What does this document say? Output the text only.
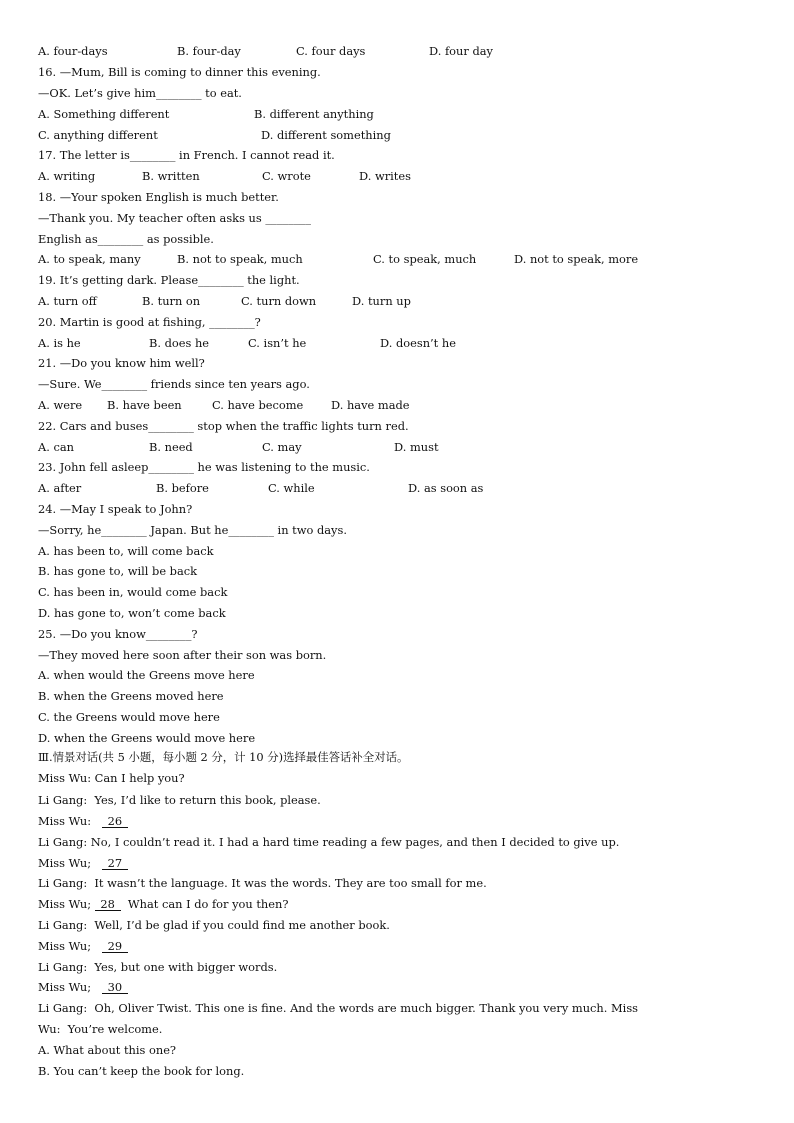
A. four-days	B. four-day	C. four days	D. four day
16. —Mum, Bill is coming to dinner this evening.
—OK. Let’s give him________ to eat.
A. Something different	B. different anything
C. anything different	D. different something
17. The letter is________ in French. I cannot read it.
A. writing	B. written	C. wrote	D. writes
18. —Your spoken English is much better.
—Thank you. My teacher often asks us ________
English as________ as possible.
A. to speak, many	B. not to speak, much	C. to speak, much	D. not to speak, more
19. It’s getting dark. Please________ the light.
A. turn off	B. turn on	C. turn down	D. turn up
20. Martin is good at fishing, ________?
A. is he	B. does he	C. isn’t he	D. doesn’t he
21. —Do you know him well?
—Sure. We________ friends since ten years ago.
A. were B. have been	C. have become D. have made
22. Cars and buses________ stop when the traffic lights turn red.
A. can	B. need	C. may	D. must
23. John fell asleep________ he was listening to the music.
A. after	B. before	C. while	D. as soon as
24. —May I speak to John?
—Sorry, he________ Japan. But he________ in two days.
A. has been to, will come back
B. has gone to, will be back
C. has been in, would come back
D. has gone to, won’t come back
25. —Do you know________?
—They moved here soon after their son was born.
A. when would the Greens move here
B. when the Greens moved here
C. the Greens would move here
D. when the Greens would move here
Ⅲ.情景对话(共 5 小题，每小题 2 分，计 10 分)选择最佳答话补全对话。
Miss Wu: Can I help you?
Li Gang:  Yes, I’d like to return this book, please.
Miss Wu:   26
Li Gang: No, I couldn’t read it. I had a hard time reading a few pages, and then I decided to give up.
Miss Wu;   27
Li Gang:  It wasn’t the language. It was the words. They are too small for me.
Miss Wu; 28  What can I do for you then?
Li Gang:  Well, I’d be glad if you could find me another book.
Miss Wu;   29
Li Gang:  Yes, but one with bigger words.
Miss Wu;   30
Li Gang:  Oh, Oliver Twist. This one is fine. And the words are much bigger. Thank you very much. Miss
Wu:  You’re welcome.
A. What about this one?
B. You can’t keep the book for long.
